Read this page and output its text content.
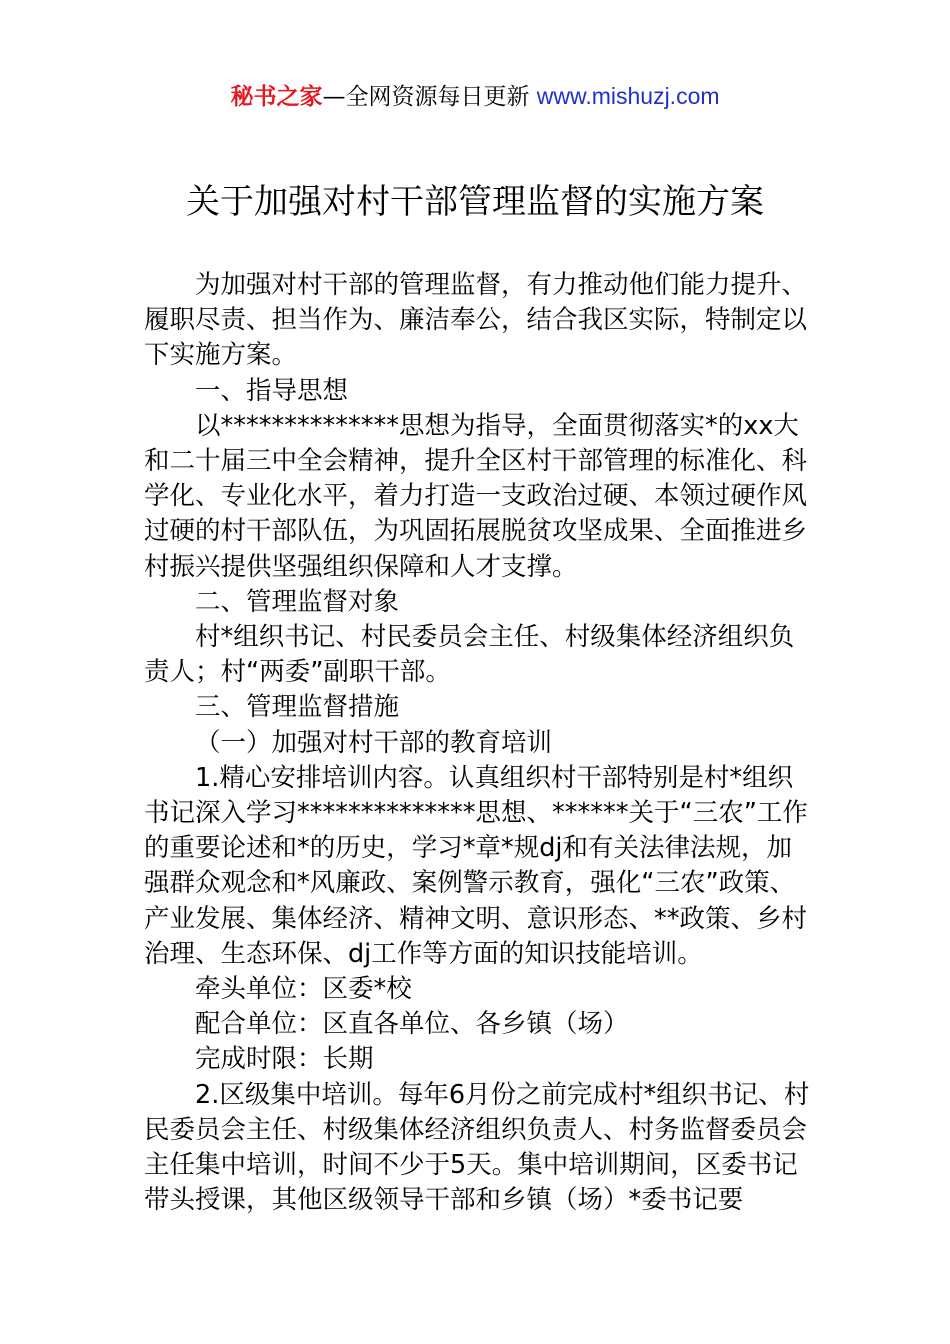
秘书之家—全网资源每日更新 www.mishuzj.com
关于加强对村干部管理监督的实施方案

为加强对村干部的管理监督，有力推动他们能力提升、履职尽责、担当作为、廉洁奉公，结合我区实际，特制定以下实施方案。

一、指导思想

以**************思想为指导，全面贯彻落实*的xx大和二十届三中全会精神，提升全区村干部管理的标准化、科学化、专业化水平，着力打造一支政治过硬、本领过硬作风过硬的村干部队伍，为巩固拓展脱贫攻坚成果、全面推进乡村振兴提供坚强组织保障和人才支撑。

二、管理监督对象

村*组织书记、村民委员会主任、村级集体经济组织负责人；村“两委”副职干部。

三、管理监督措施

（一）加强对村干部的教育培训

1.精心安排培训内容。认真组织村干部特别是村*组织书记深入学习**************思想、******关于“三农”工作的重要论述和*的历史，学习*章*规dj和有关法律法规，加强群众观念和*风廉政、案例警示教育，强化“三农”政策、产业发展、集体经济、精神文明、意识形态、**政策、乡村治理、生态环保、dj工作等方面的知识技能培训。

牵头单位：区委*校

配合单位：区直各单位、各乡镇（场）

完成时限：长期

2.区级集中培训。每年6月份之前完成村*组织书记、村民委员会主任、村级集体经济组织负责人、村务监督委员会主任集中培训，时间不少于5天。集中培训期间，区委书记带头授课，其他区级领导干部和乡镇（场）*委书记要
